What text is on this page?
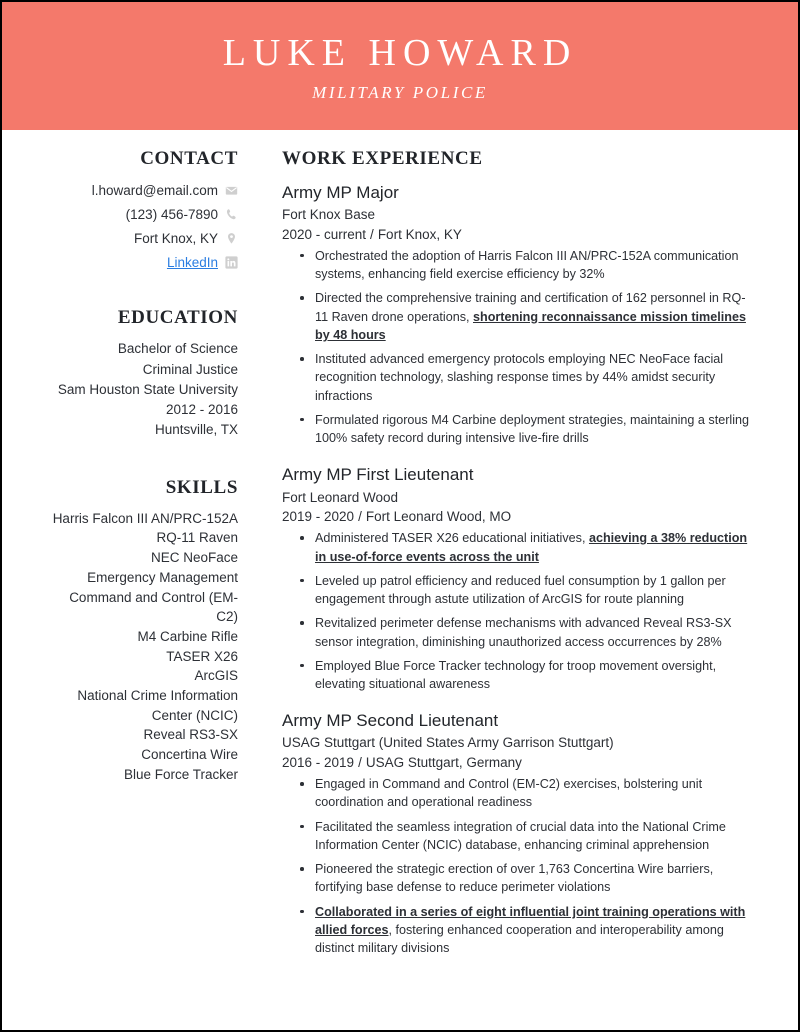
LUKE HOWARD
MILITARY POLICE
CONTACT
l.howard@email.com
(123) 456-7890
Fort Knox, KY
LinkedIn
EDUCATION
Bachelor of Science
Criminal Justice
Sam Houston State University
2012 - 2016
Huntsville, TX
SKILLS
Harris Falcon III AN/PRC-152A
RQ-11 Raven
NEC NeoFace
Emergency Management
Command and Control (EM-C2)
M4 Carbine Rifle
TASER X26
ArcGIS
National Crime Information Center (NCIC)
Reveal RS3-SX
Concertina Wire
Blue Force Tracker
WORK EXPERIENCE
Army MP Major
Fort Knox Base
2020 - current / Fort Knox, KY
Orchestrated the adoption of Harris Falcon III AN/PRC-152A communication systems, enhancing field exercise efficiency by 32%
Directed the comprehensive training and certification of 162 personnel in RQ-11 Raven drone operations, shortening reconnaissance mission timelines by 48 hours
Instituted advanced emergency protocols employing NEC NeoFace facial recognition technology, slashing response times by 44% amidst security infractions
Formulated rigorous M4 Carbine deployment strategies, maintaining a sterling 100% safety record during intensive live-fire drills
Army MP First Lieutenant
Fort Leonard Wood
2019 - 2020 / Fort Leonard Wood, MO
Administered TASER X26 educational initiatives, achieving a 38% reduction in use-of-force events across the unit
Leveled up patrol efficiency and reduced fuel consumption by 1 gallon per engagement through astute utilization of ArcGIS for route planning
Revitalized perimeter defense mechanisms with advanced Reveal RS3-SX sensor integration, diminishing unauthorized access occurrences by 28%
Employed Blue Force Tracker technology for troop movement oversight, elevating situational awareness
Army MP Second Lieutenant
USAG Stuttgart (United States Army Garrison Stuttgart)
2016 - 2019 / USAG Stuttgart, Germany
Engaged in Command and Control (EM-C2) exercises, bolstering unit coordination and operational readiness
Facilitated the seamless integration of crucial data into the National Crime Information Center (NCIC) database, enhancing criminal apprehension
Pioneered the strategic erection of over 1,763 Concertina Wire barriers, fortifying base defense to reduce perimeter violations
Collaborated in a series of eight influential joint training operations with allied forces, fostering enhanced cooperation and interoperability among distinct military divisions
